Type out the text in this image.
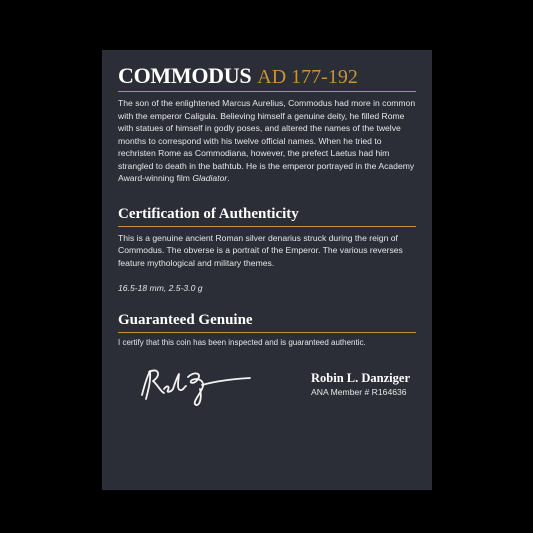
COMMODUS AD 177-192

The son of the enlightened Marcus Aurelius, Commodus had more in common with the emperor Caligula. Believing himself a genuine deity, he filled Rome with statues of himself in godly poses, and altered the names of the twelve months to correspond with his twelve official names. When he tried to rechristen Rome as Commodiana, however, the prefect Laetus had him strangled to death in the bathtub. He is the emperor portrayed in the Academy Award-winning film Gladiator.

Certification of Authenticity

This is a genuine ancient Roman silver denarius struck during the reign of Commodus. The obverse is a portrait of the Emperor. The various reverses feature mythological and military themes.

16.5-18 mm, 2.5-3.0 g
Guaranteed Genuine

I certify that this coin has been inspected and is guaranteed authentic.

Robin L. Danziger
ANA Member # R164636
